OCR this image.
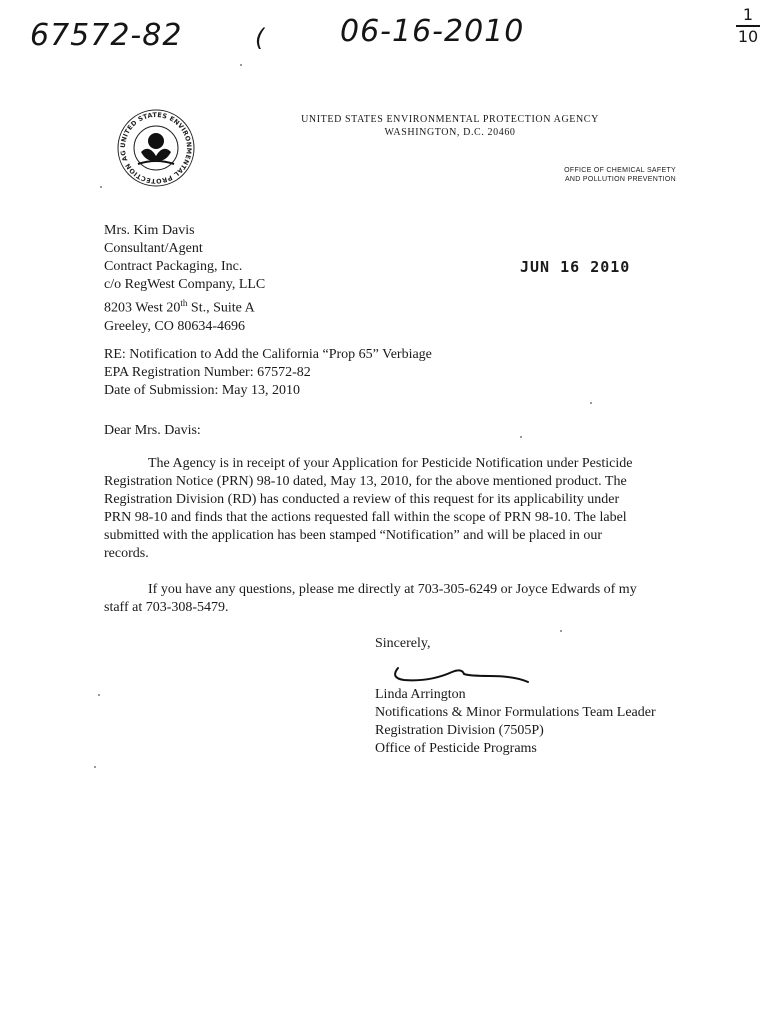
67572-82	( 06-16-2010	1
10
UNITED STATES ENVIRONMENTAL PROTECTION AG
UNITED STATES ENVIRONMENTAL PROTECTION AGENCY
WASHINGTON, D.C. 20460
OFFICE OF CHEMICAL SAFETY
AND POLLUTION PREVENTION
Mrs. Kim Davis
Consultant/Agent
Contract Packaging, Inc.
c/o RegWest Company, LLC
8203 West 20th St., Suite A
Greeley, CO 80634-4696
JUN 16 2010
RE: Notification to Add the California “Prop 65” Verbiage
EPA Registration Number: 67572-82
Date of Submission: May 13, 2010
Dear Mrs. Davis:
The Agency is in receipt of your Application for Pesticide Notification under Pesticide
Registration Notice (PRN) 98-10 dated, May 13, 2010, for the above mentioned product. The
Registration Division (RD) has conducted a review of this request for its applicability under
PRN 98-10 and finds that the actions requested fall within the scope of PRN 98-10. The label
submitted with the application has been stamped “Notification” and will be placed in our
records.
If you have any questions, please me directly at 703-305-6249 or Joyce Edwards of my
staff at 703-308-5479.
Sincerely,
Linda Arrington
Notifications & Minor Formulations Team Leader
Registration Division (7505P)
Office of Pesticide Programs
